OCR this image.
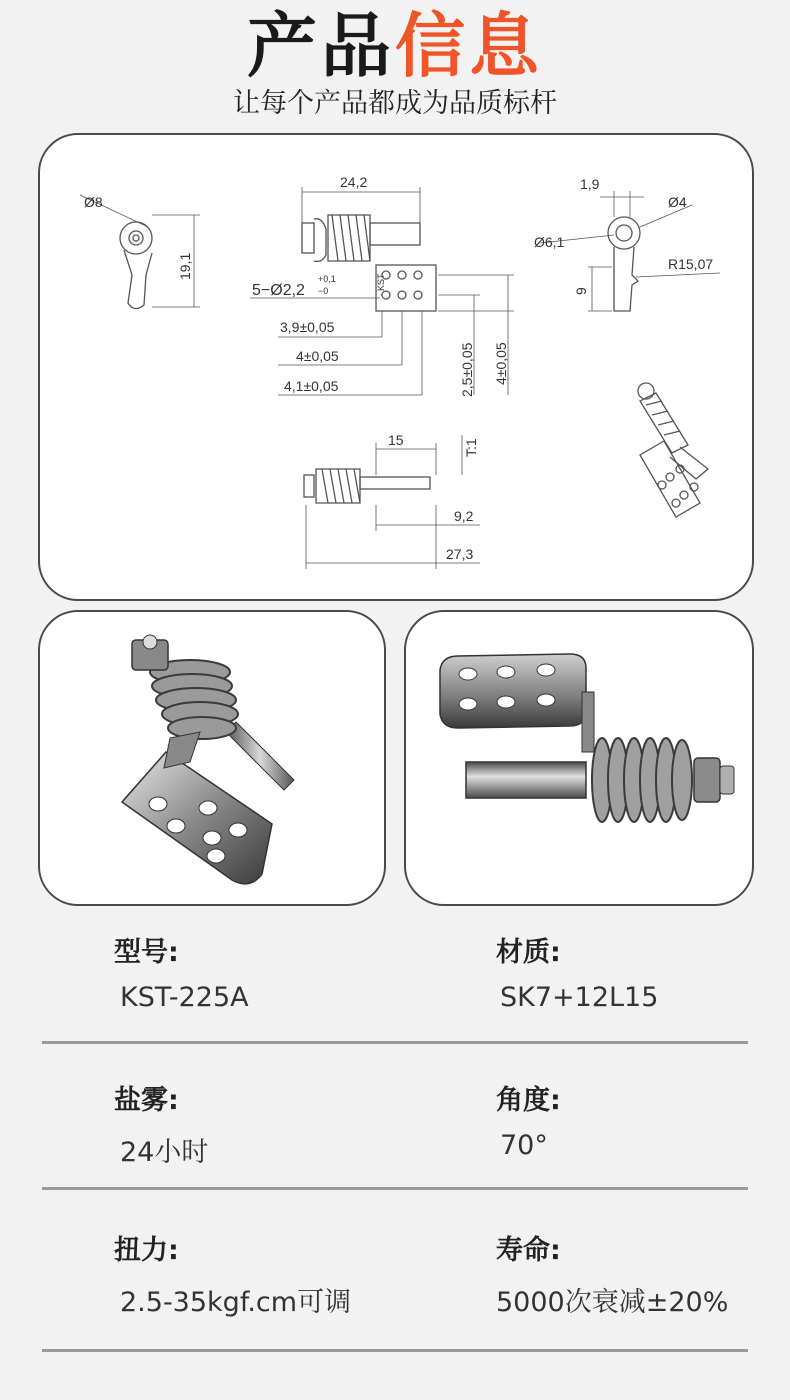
产品信息
让每个产品都成为品质标杆
Ø8
19,1
24,2
5−Ø2,2
+0,1
−0
3,9±0,05
4±0,05
4,1±0,05	2,5±0,05 4±0,05
1,9
Ø4
Ø6,1
R15,07
9
15	T:1
9,2
27,3
KST
型号:
KST-225A
材质:
SK7+12L15
盐雾:
24小时
角度:
70°
扭力:
2.5-35kgf.cm可调
寿命:
5000次衰减±20%
